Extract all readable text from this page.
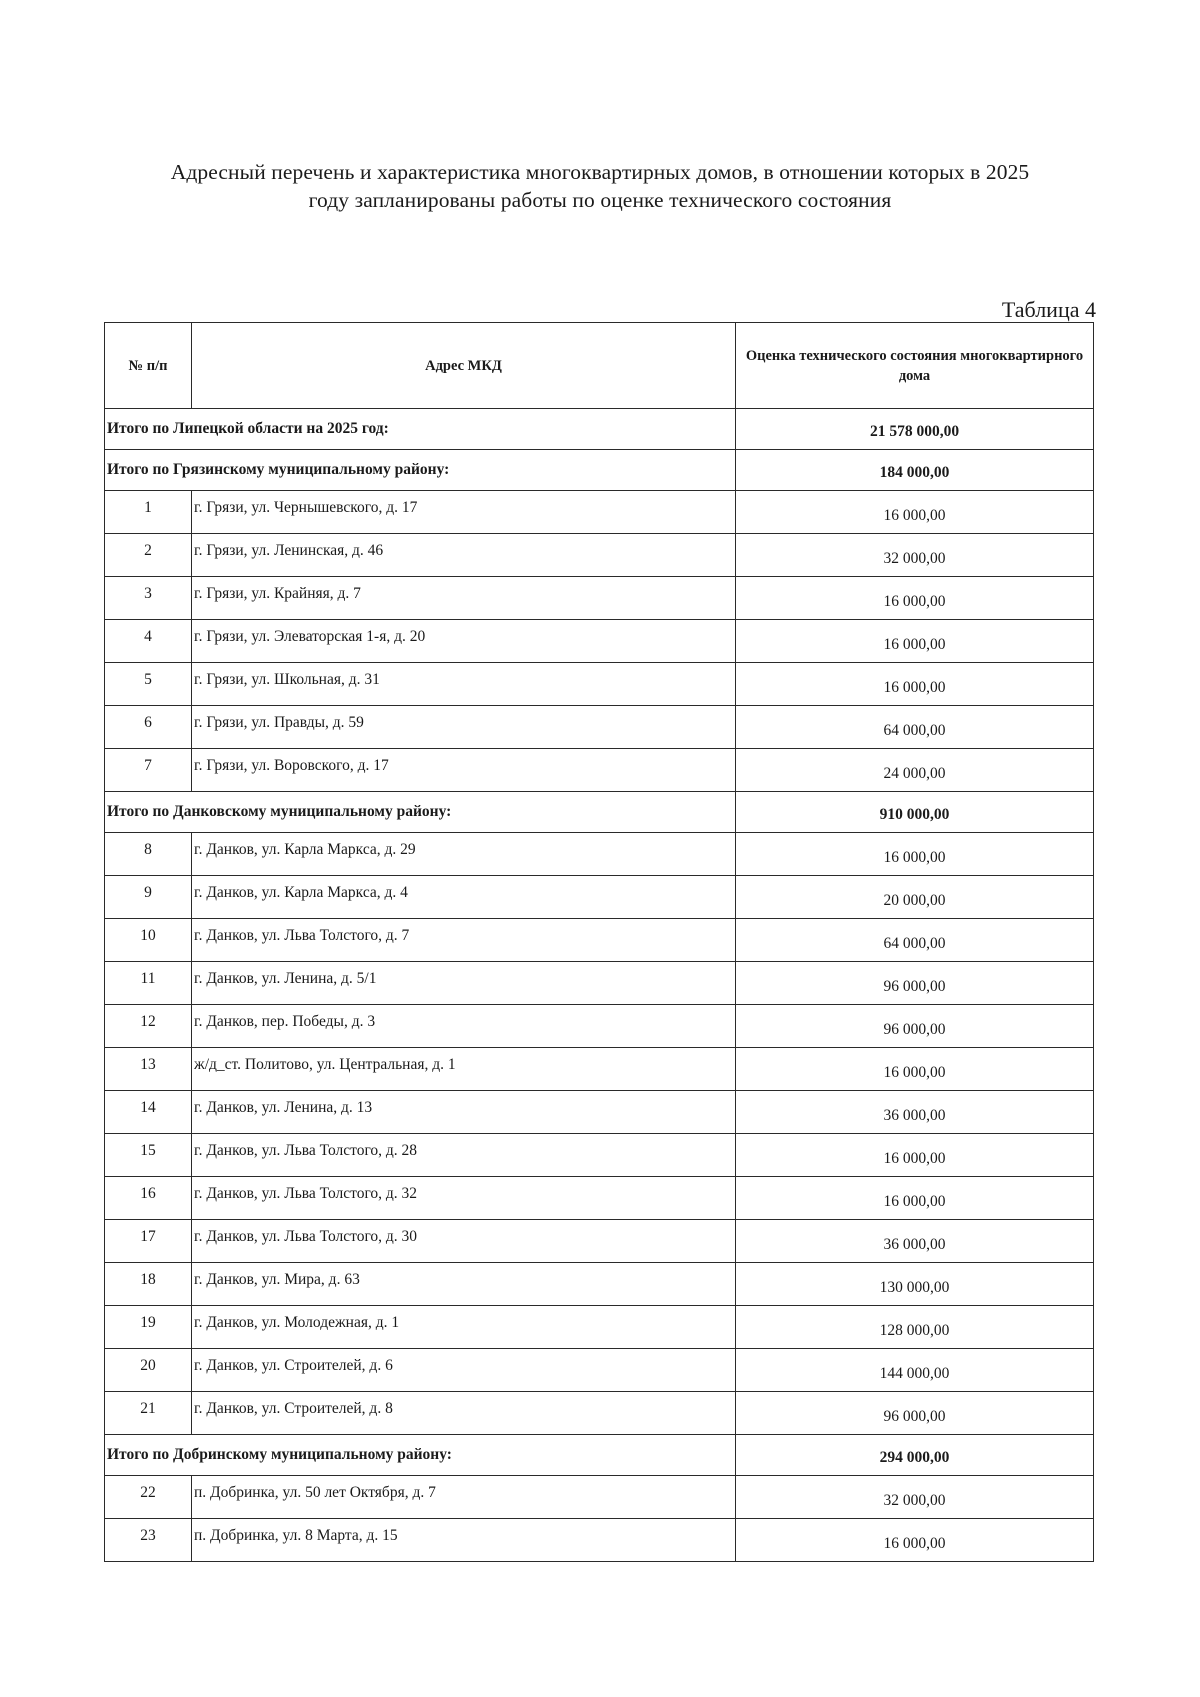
Адресный перечень и характеристика многоквартирных домов, в отношении которых в 2025
году запланированы работы по оценке технического состояния
Таблица 4
№ п/п	Адрес МКД	Оценка технического состояния многоквартирного дома
Итого по Липецкой области на 2025 год:		21 578 000,00
Итого по Грязинскому муниципальному району:		184 000,00
1	г. Грязи, ул. Чернышевского, д. 17	16 000,00
2	г. Грязи, ул. Ленинская, д. 46	32 000,00
3	г. Грязи, ул. Крайняя, д. 7	16 000,00
4	г. Грязи, ул. Элеваторская 1-я, д. 20	16 000,00
5	г. Грязи, ул. Школьная, д. 31	16 000,00
6	г. Грязи, ул. Правды, д. 59	64 000,00
7	г. Грязи, ул. Воровского, д. 17	24 000,00
Итого по Данковскому муниципальному району:		910 000,00
8	г. Данков, ул. Карла Маркса, д. 29	16 000,00
9	г. Данков, ул. Карла Маркса, д. 4	20 000,00
10	г. Данков, ул. Льва Толстого, д. 7	64 000,00
11	г. Данков, ул. Ленина, д. 5/1	96 000,00
12	г. Данков, пер. Победы, д. 3	96 000,00
13	ж/д_ст. Политово, ул. Центральная, д. 1	16 000,00
14	г. Данков, ул. Ленина, д. 13	36 000,00
15	г. Данков, ул. Льва Толстого, д. 28	16 000,00
16	г. Данков, ул. Льва Толстого, д. 32	16 000,00
17	г. Данков, ул. Льва Толстого, д. 30	36 000,00
18	г. Данков, ул. Мира, д. 63	130 000,00
19	г. Данков, ул. Молодежная, д. 1	128 000,00
20	г. Данков, ул. Строителей, д. 6	144 000,00
21	г. Данков, ул. Строителей, д. 8	96 000,00
Итого по Добринскому муниципальному району:		294 000,00
22	п. Добринка, ул. 50 лет Октября, д. 7	32 000,00
23	п. Добринка, ул. 8 Марта, д. 15	16 000,00
